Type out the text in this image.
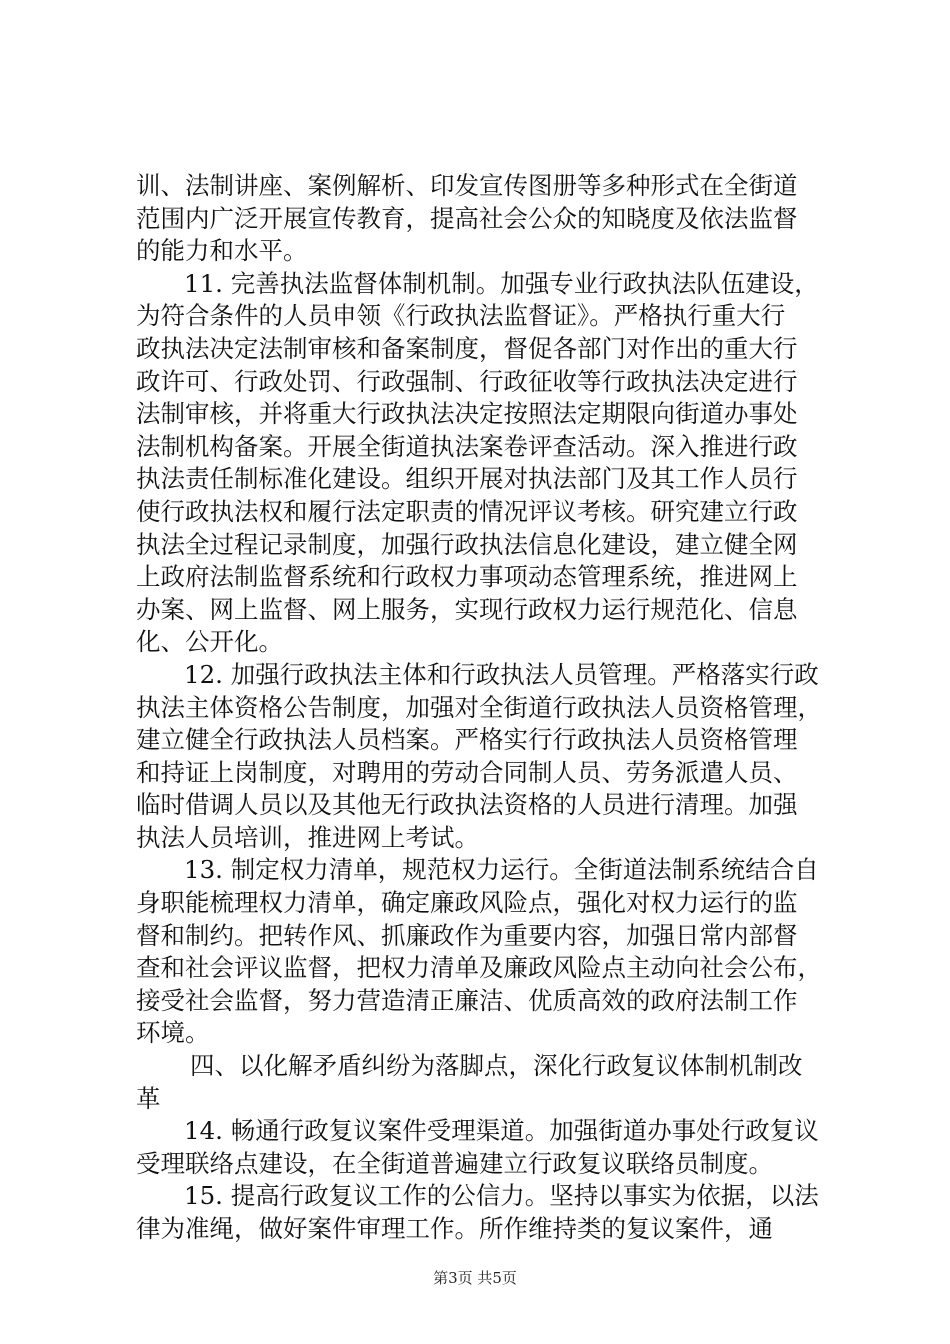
训、法制讲座、案例解析、印发宣传图册等多种形式在全街道
范围内广泛开展宣传教育，提高社会公众的知晓度及依法监督
的能力和水平。
11. 完善执法监督体制机制。加强专业行政执法队伍建设，
为符合条件的人员申领《行政执法监督证》。严格执行重大行
政执法决定法制审核和备案制度，督促各部门对作出的重大行
政许可、行政处罚、行政强制、行政征收等行政执法决定进行
法制审核，并将重大行政执法决定按照法定期限向街道办事处
法制机构备案。开展全街道执法案卷评查活动。深入推进行政
执法责任制标准化建设。组织开展对执法部门及其工作人员行
使行政执法权和履行法定职责的情况评议考核。研究建立行政
执法全过程记录制度，加强行政执法信息化建设，建立健全网
上政府法制监督系统和行政权力事项动态管理系统，推进网上
办案、网上监督、网上服务，实现行政权力运行规范化、信息
化、公开化。
12. 加强行政执法主体和行政执法人员管理。严格落实行政
执法主体资格公告制度，加强对全街道行政执法人员资格管理，
建立健全行政执法人员档案。严格实行行政执法人员资格管理
和持证上岗制度，对聘用的劳动合同制人员、劳务派遣人员、
临时借调人员以及其他无行政执法资格的人员进行清理。加强
执法人员培训，推进网上考试。
13. 制定权力清单，规范权力运行。全街道法制系统结合自
身职能梳理权力清单，确定廉政风险点，强化对权力运行的监
督和制约。把转作风、抓廉政作为重要内容，加强日常内部督
查和社会评议监督，把权力清单及廉政风险点主动向社会公布，
接受社会监督，努力营造清正廉洁、优质高效的政府法制工作
环境。
四、以化解矛盾纠纷为落脚点，深化行政复议体制机制改
革
14. 畅通行政复议案件受理渠道。加强街道办事处行政复议
受理联络点建设，在全街道普遍建立行政复议联络员制度。
15. 提高行政复议工作的公信力。坚持以事实为依据，以法
律为准绳，做好案件审理工作。所作维持类的复议案件，通
第3页 共5页
